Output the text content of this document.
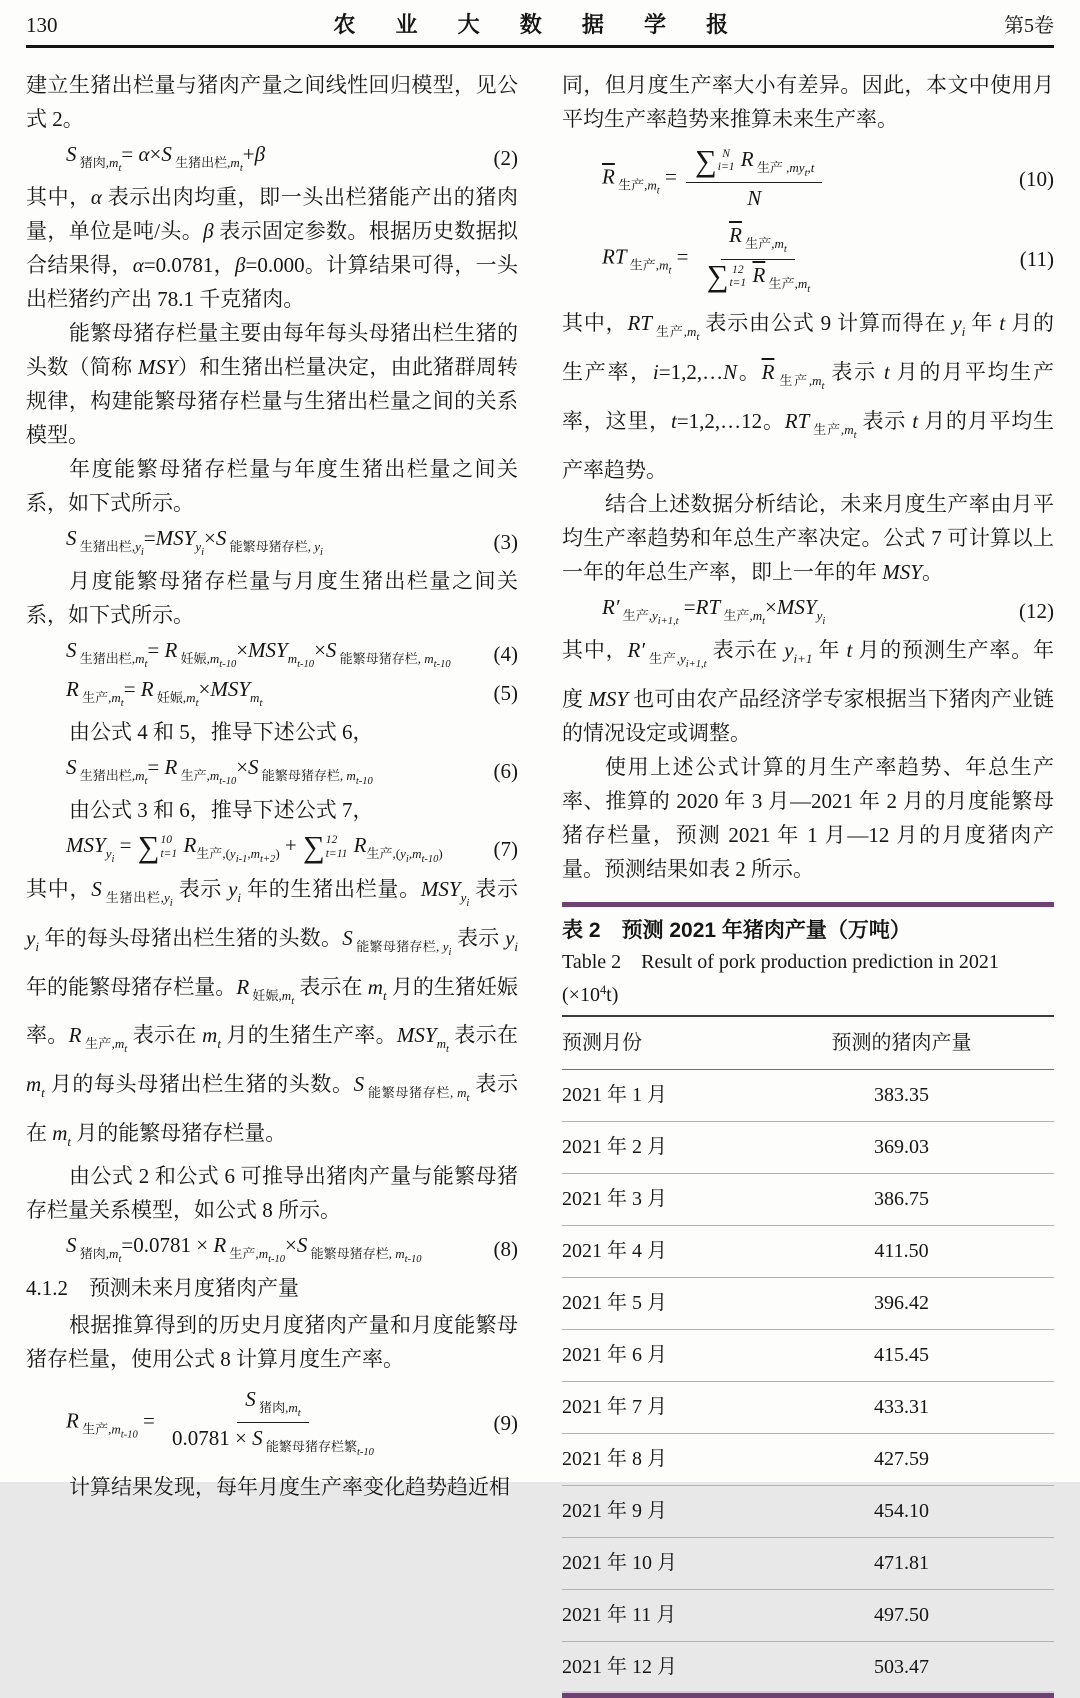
130	农 业 大 数 据 学 报	第5卷

建立生猪出栏量与猪肉产量之间线性回归模型，见公式 2。

S $_{猪肉,mt}$= α×S $_{生猪出栏,mt}$+β	(2)

其中，α 表示出肉均重，即一头出栏猪能产出的猪肉量，单位是吨/头。β 表示固定参数。根据历史数据拟合结果得，α=0.0781，β=0.000。计算结果可得，一头出栏猪约产出 78.1 千克猪肉。

能繁母猪存栏量主要由每年每头母猪出栏生猪的头数（简称 MSY）和生猪出栏量决定，由此猪群周转规律，构建能繁母猪存栏量与生猪出栏量之间的关系模型。

年度能繁母猪存栏量与年度生猪出栏量之间关系，如下式所示。

S $_{生猪出栏,yi}=MSY_{yi}\times S$ $_{能繁母猪存栏,}$ $_{yi}$	(3)

月度能繁母猪存栏量与月度生猪出栏量之间关系，如下式所示。

S $_{生猪出栏,mt}$= R $_{妊娠,mt-10}\times MSY_{mt-10}\times S$ $_{能繁母猪存栏,}$ $_{mt-10}$	(4)
R $_{生产,mt}$= R $_{妊娠,mt}\times MSY_{mt}$	(5)

由公式 4 和 5，推导下述公式 6，

S $_{生猪出栏,mt}$= R $_{生产,mt-10}$×S $_{能繁母猪存栏,}$ $_{mt-10}$	(6)

由公式 3 和 6，推导下述公式 7，

$MSY_{yi}$ = ∑ 10
t=1 $R_{生产,(yi-1,mt+2)}$ + ∑ 12
t=11 $R_{生产,(yi,mt-10)}$	(7)

其中，S $_{生猪出栏,yi}$ 表示 $y_i$ 年的生猪出栏量。$MSY_{yi}$ 表示 $y_i$ 年的每头母猪出栏生猪的头数。S $_{能繁母猪存栏,}$ $_{yi}$ 表示 $y_i$ 年的能繁母猪存栏量。R $_{妊娠,mt}$ 表示在 $m_t$ 月的生猪妊娠率。R $_{生产,mt}$ 表示在 $m_t$ 月的生猪生产率。$MSY_{mt}$ 表示在 $m_t$ 月的每头母猪出栏生猪的头数。S $_{能繁母猪存栏,}$ $_{mt}$ 表示在 $m_t$ 月的能繁母猪存栏量。

由公式 2 和公式 6 可推导出猪肉产量与能繁母猪存栏量关系模型，如公式 8 所示。

S $_{猪肉,mt}$=0.0781 × R $_{生产,mt-10}$×S $_{能繁母猪存栏,}$ $_{mt-10}$	(8)
4.1.2　预测未来月度猪肉产量

根据推算得到的历史月度猪肉产量和月度能繁母猪存栏量，使用公式 8 计算月度生产率。

R $_{生产,mt-10} = \frac{S _{猪肉,mt}}{0.0781 \times S _{能繁母猪存栏繁t-10}}$	(9)

计算结果发现，每年月度生产率变化趋势趋近相

同，但月度生产率大小有差异。因此，本文中使用月平均生产率趋势来推算未来生产率。

$\overline{R}$ $_{生产,mt}$ = ∑ N
i=1 R $_{生产 ,myt,t}$
N	(10)
RT $_{生产,mt} = \overline{R}$ $_{生产,mt}$
∑ 12
t=1 $\overline{R}$ $_{生产,mt}$	(11)

其中，RT $_{生产,mt}$ 表示由公式 9 计算而得在 $y_i$ 年 t 月的生产率，i=1,2,…N。$\overline{R}$ $_{生产,mt}$ 表示 t 月的月平均生产率，这里，t=1,2,…12。RT $_{生产,mt}$ 表示 t 月的月平均生产率趋势。

结合上述数据分析结论，未来月度生产率由月平均生产率趋势和年总生产率决定。公式 7 可计算以上一年的年总生产率，即上一年的年 MSY。

R′ $_{生产,yi+1,t}$ =RT $_{生产,mt}\times MSY_{yi}$	(12)

其中，R′ $_{生产,yi+1,t}$ 表示在 $y_{i+1}$ 年 t 月的预测生产率。年度 MSY 也可由农产品经济学专家根据当下猪肉产业链的情况设定或调整。

使用上述公式计算的月生产率趋势、年总生产率、推算的 2020 年 3 月—2021 年 2 月的月度能繁母猪存栏量，预测 2021 年 1 月—12 月的月度猪肉产量。预测结果如表 2 所示。

表 2　预测 2021 年猪肉产量（万吨）
Table 2　Result of pork production prediction in 2021 $(\times 10^4t)$
预测月份	预测的猪肉产量
2021 年 1 月	383.35
2021 年 2 月	369.03
2021 年 3 月	386.75
2021 年 4 月	411.50
2021 年 5 月	396.42
2021 年 6 月	415.45
2021 年 7 月	433.31
2021 年 8 月	427.59
2021 年 9 月	454.10
2021 年 10 月	471.81
2021 年 11 月	497.50
2021 年 12 月	503.47
